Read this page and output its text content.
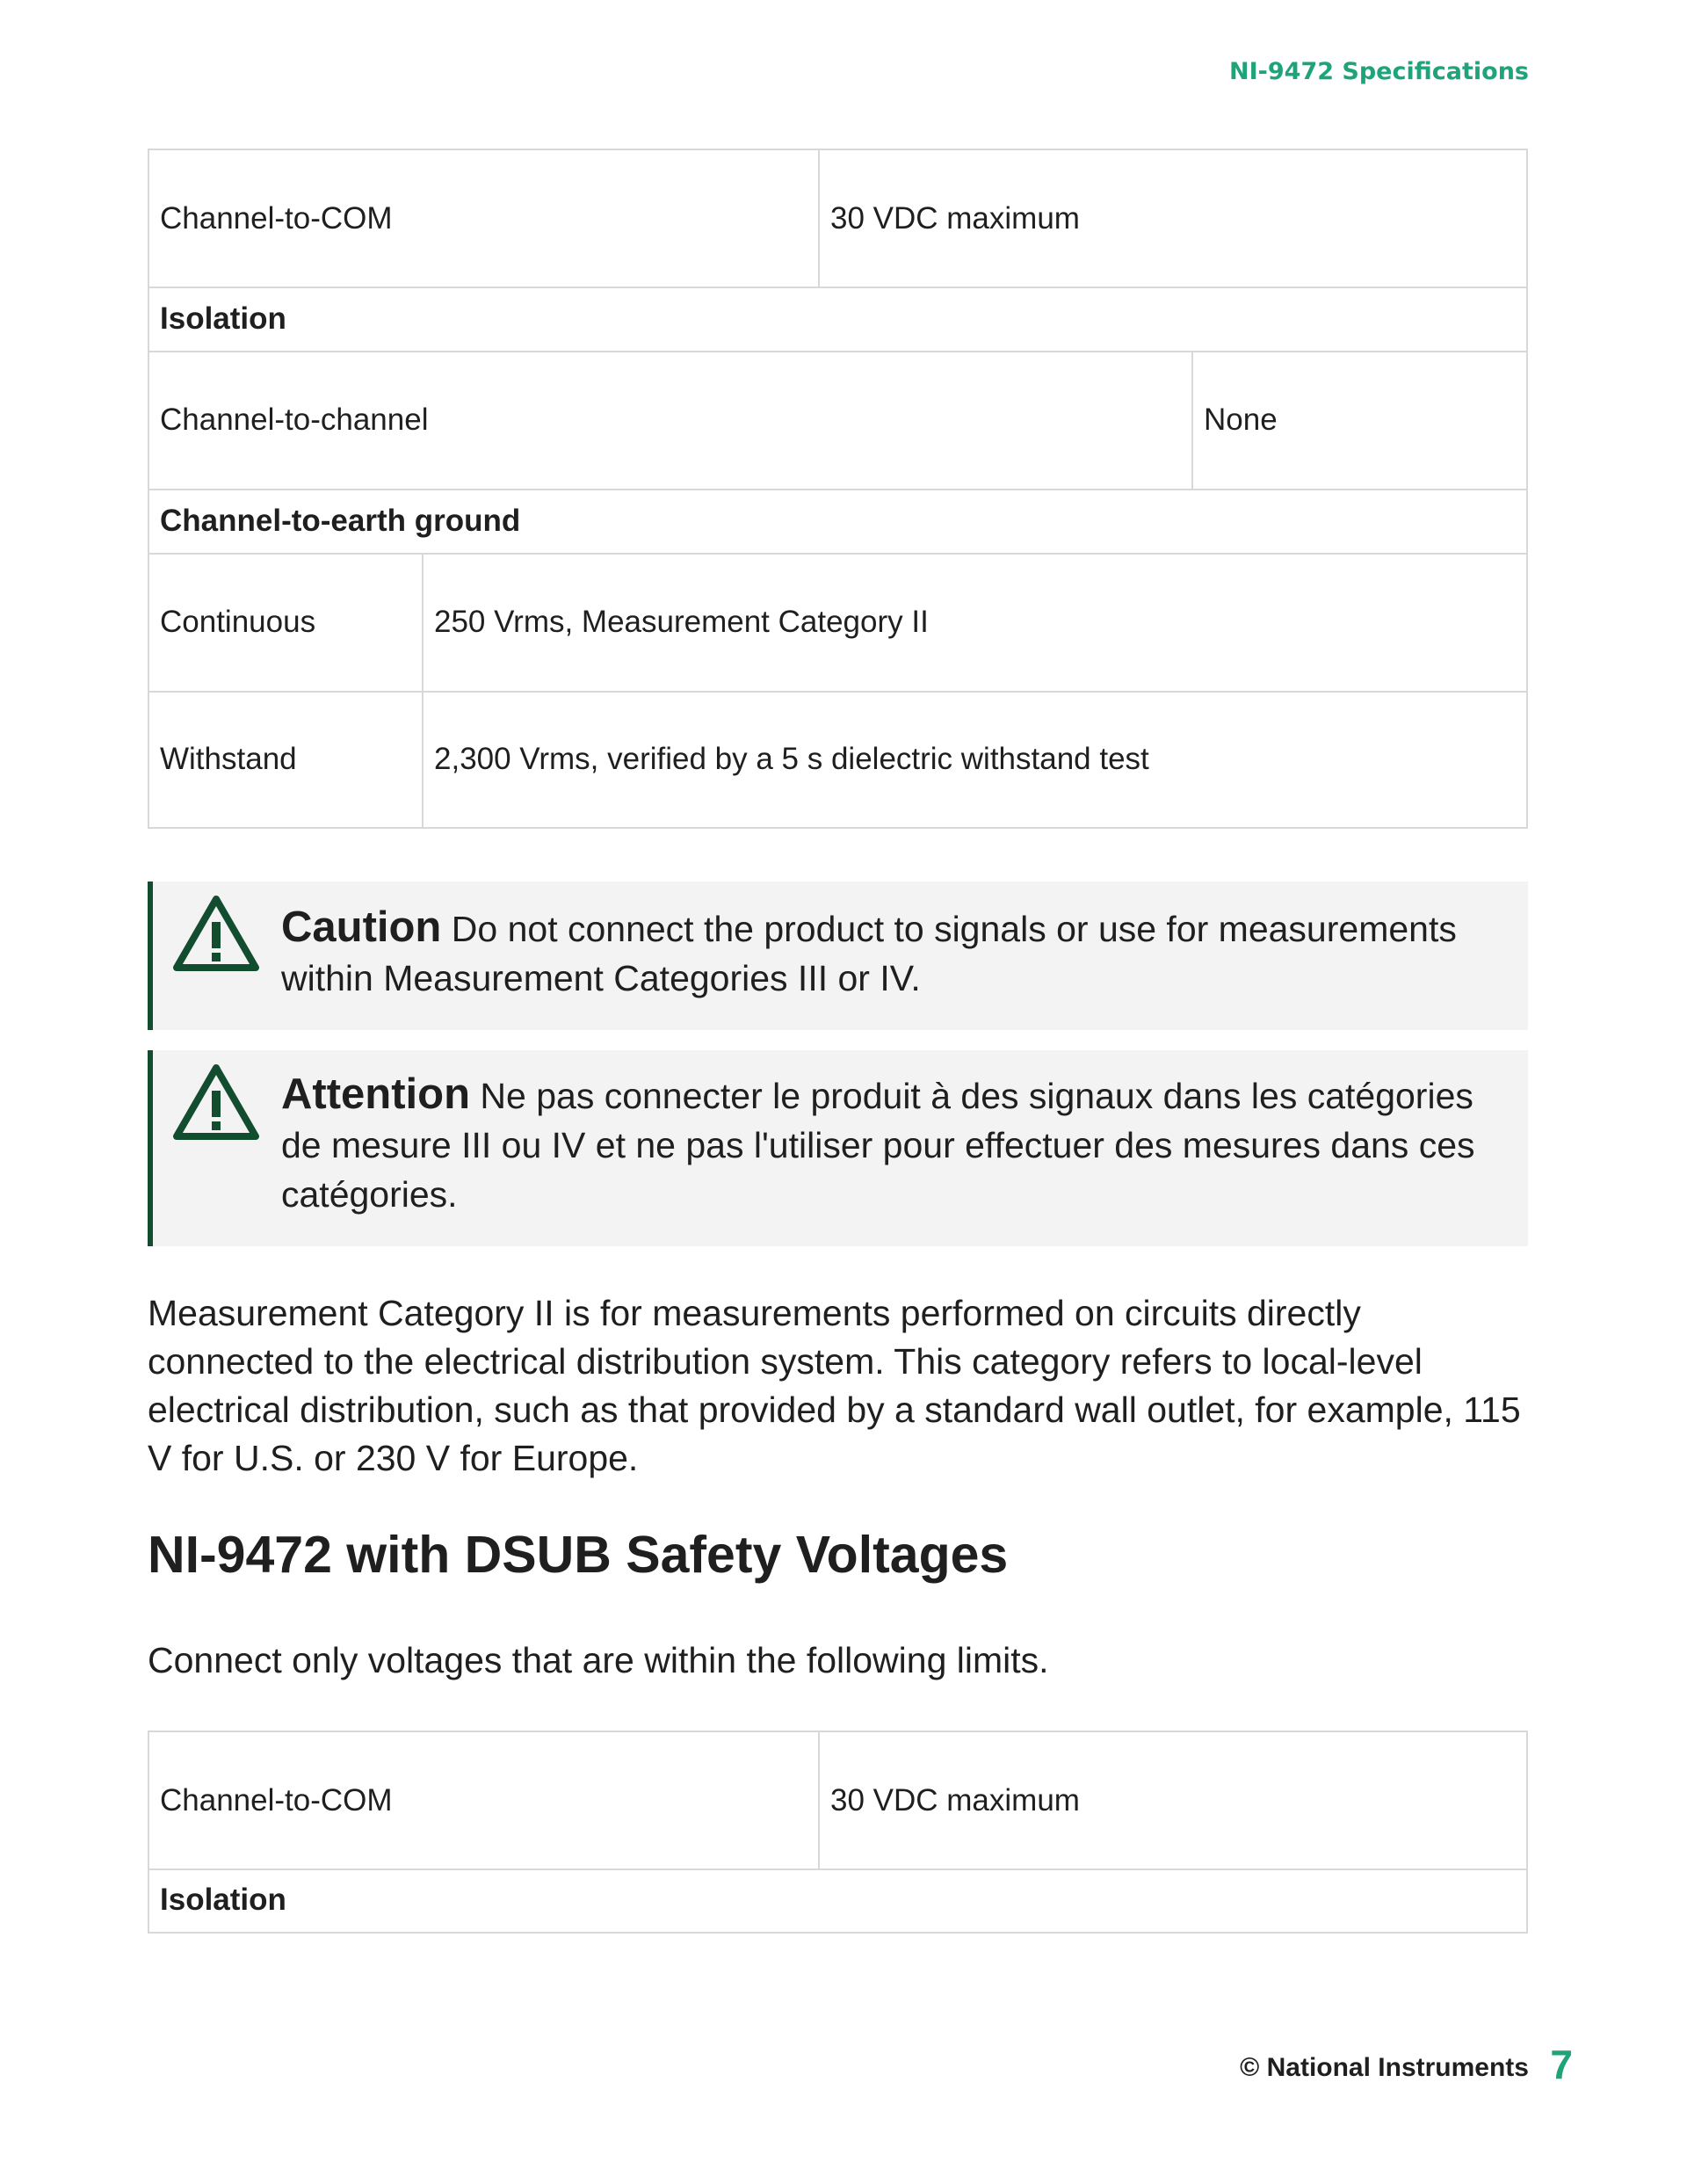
NI-9472 Specifications
Channel-to-COM	30 VDC maximum
Isolation
Channel-to-channel	None
Channel-to-earth ground
Continuous	250 Vrms, Measurement Category II
Withstand	2,300 Vrms, verified by a 5 s dielectric withstand test
Caution Do not connect the product to signals or use for measurements within Measurement Categories III or IV.
Attention Ne pas connecter le produit à des signaux dans les catégories de mesure III ou IV et ne pas l'utiliser pour effectuer des mesures dans ces catégories.

Measurement Category II is for measurements performed on circuits directly connected to the electrical distribution system. This category refers to local-level electrical distribution, such as that provided by a standard wall outlet, for example, 115 V for U.S. or 230 V for Europe.

NI-9472 with DSUB Safety Voltages

Connect only voltages that are within the following limits.

Channel-to-COM	30 VDC maximum
Isolation
© National Instruments 7
